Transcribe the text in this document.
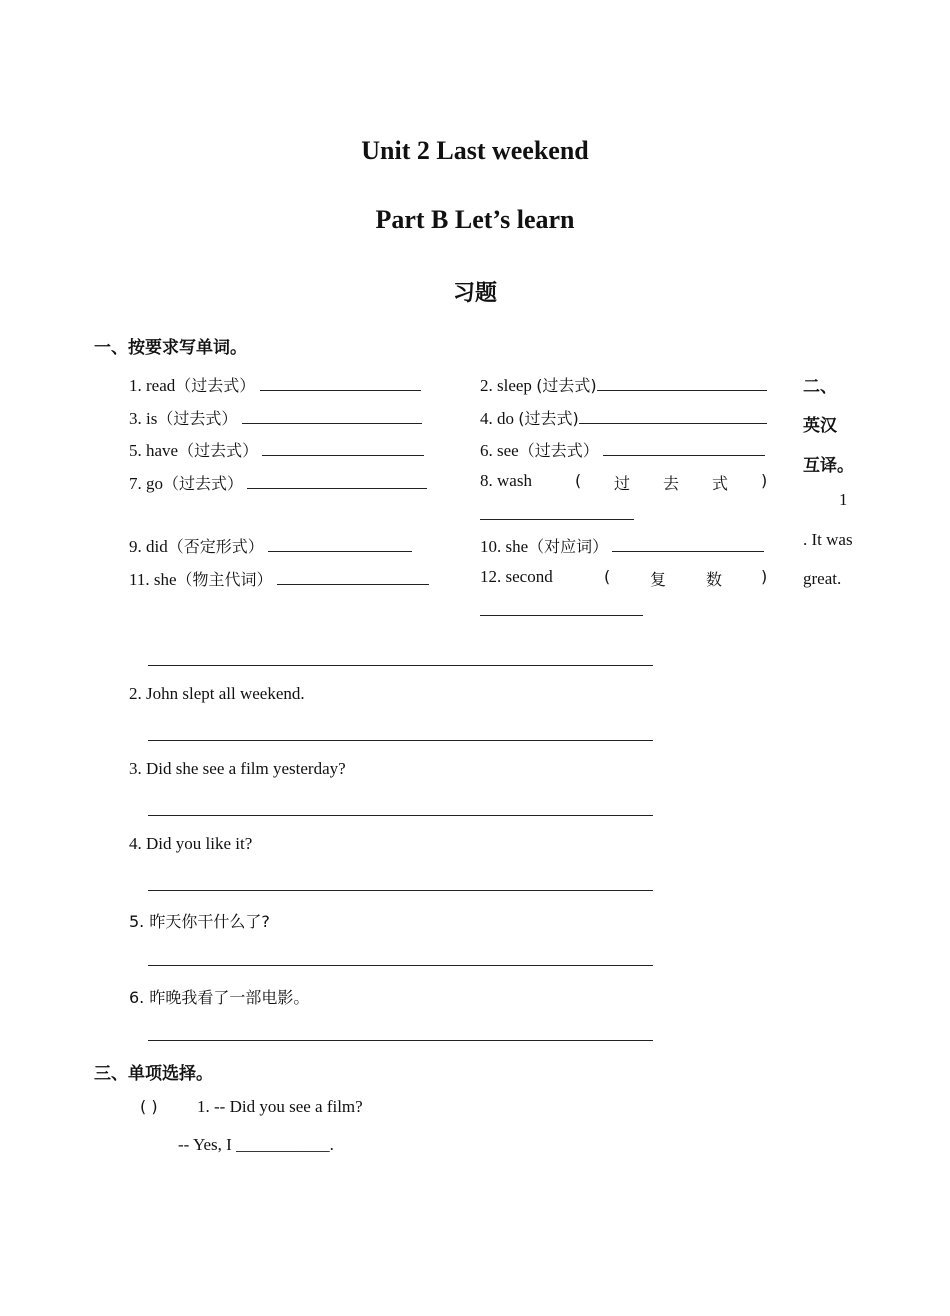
Unit 2 Last weekend
Part B Let’s learn
习题
一、按要求写单词。
1. read（过去式）	2. sleep (过去式)
3. is（过去式）	4. do (过去式)
5. have（过去式）	6. see（过去式）
7. go（过去式）	8. wash	( 过 去 式 )
9. did（否定形式）	10. she（对应词）
11. she（物主代词）	12. second	( 复 数 )
二、
英汉
互译。
1
. It was
great.
2. John slept all weekend.
3. Did she see a film yesterday?
4. Did you like it?
5. 昨天你干什么了?
6. 昨晚我看了一部电影。
三、单项选择。
( ) 1. -- Did you see a film?
-- Yes, I ___________.
